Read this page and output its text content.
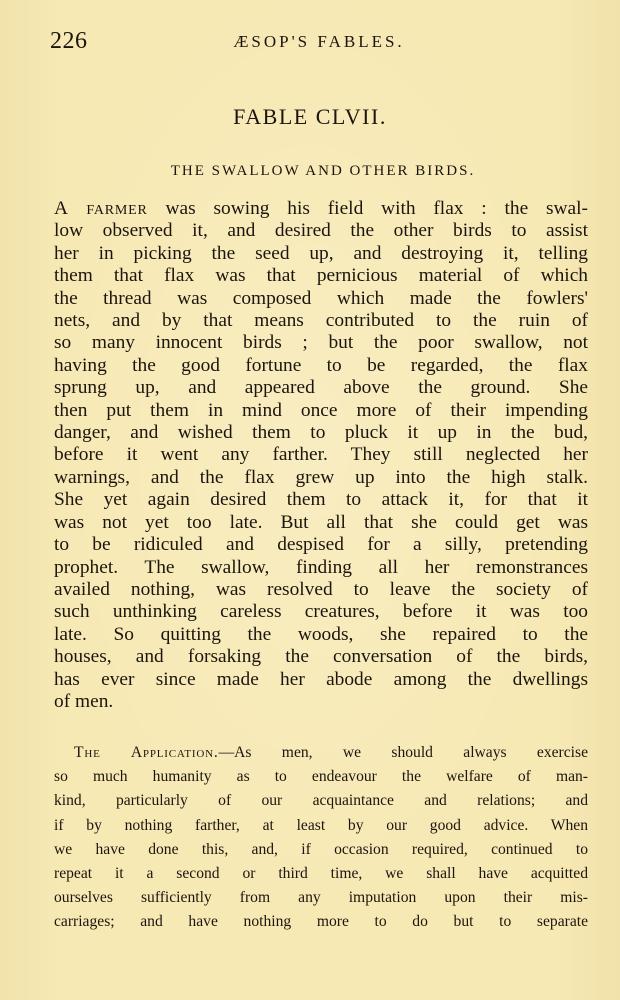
226	ÆSOP'S FABLES.
FABLE CLVII.
THE SWALLOW AND OTHER BIRDS.
A farmer was sowing his field with flax : the swal-
low observed it, and desired the other birds to assist
her in picking the seed up, and destroying it, telling
them that flax was that pernicious material of which
the thread was composed which made the fowlers'
nets, and by that means contributed to the ruin of
so many innocent birds ; but the poor swallow, not
having the good fortune to be regarded, the flax
sprung up, and appeared above the ground. She
then put them in mind once more of their impending
danger, and wished them to pluck it up in the bud,
before it went any farther. They still neglected her
warnings, and the flax grew up into the high stalk.
She yet again desired them to attack it, for that it
was not yet too late. But all that she could get was
to be ridiculed and despised for a silly, pretending
prophet. The swallow, finding all her remonstrances
availed nothing, was resolved to leave the society of
such unthinking careless creatures, before it was too
late. So quitting the woods, she repaired to the
houses, and forsaking the conversation of the birds,
has ever since made her abode among the dwellings
of men.
The Application.—As men, we should always exercise
so much humanity as to endeavour the welfare of man-
kind, particularly of our acquaintance and relations; and
if by nothing farther, at least by our good advice. When
we have done this, and, if occasion required, continued to
repeat it a second or third time, we shall have acquitted
ourselves sufficiently from any imputation upon their mis-
carriages; and have nothing more to do but to separate
